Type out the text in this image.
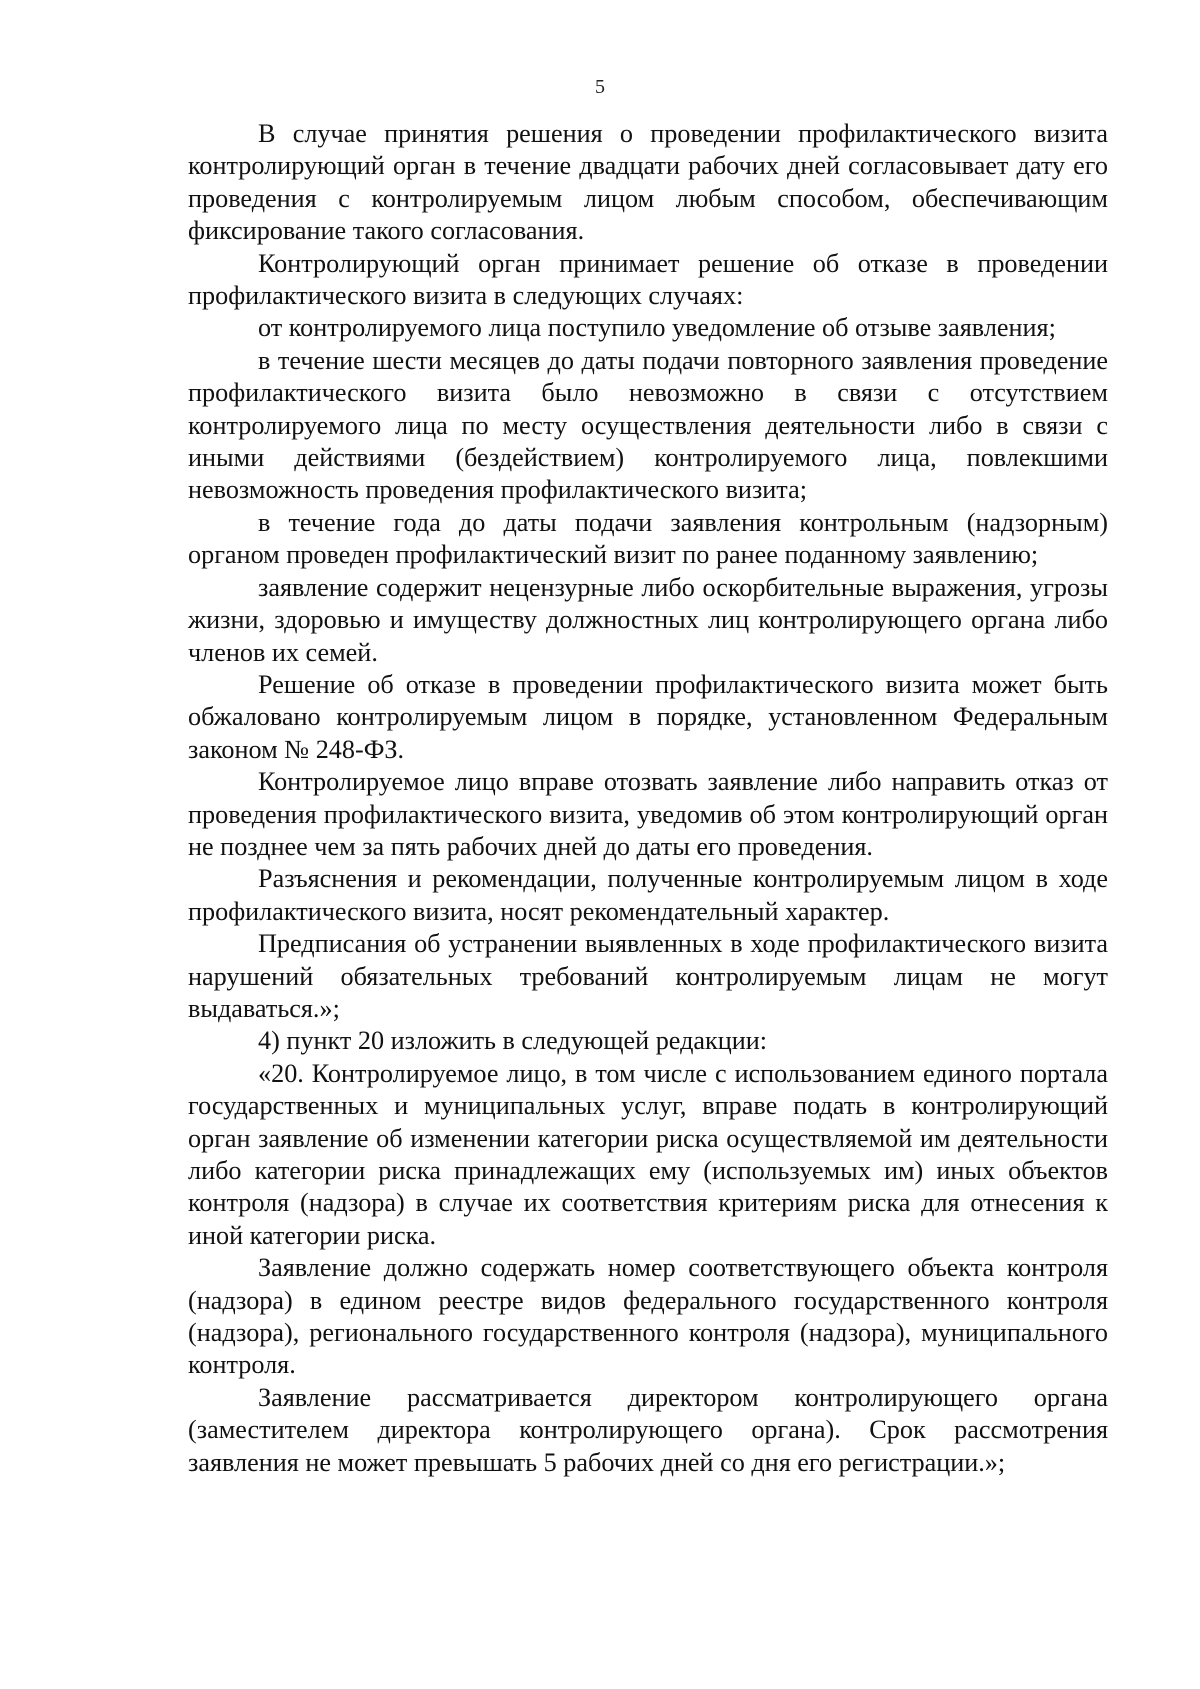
5

В случае принятия решения о проведении профилактического визита контролирующий орган в течение двадцати рабочих дней согласовывает дату его проведения с контролируемым лицом любым способом, обеспечивающим фиксирование такого согласования.

Контролирующий орган принимает решение об отказе в проведении профилактического визита в следующих случаях:

от контролируемого лица поступило уведомление об отзыве заявления;

в течение шести месяцев до даты подачи повторного заявления проведение профилактического визита было невозможно в связи с отсутствием контролируемого лица по месту осуществления деятельности либо в связи с иными действиями (бездействием) контролируемого лица, повлекшими невозможность проведения профилактического визита;

в течение года до даты подачи заявления контрольным (надзорным) органом проведен профилактический визит по ранее поданному заявлению;

заявление содержит нецензурные либо оскорбительные выражения, угрозы жизни, здоровью и имуществу должностных лиц контролирующего органа либо членов их семей.

Решение об отказе в проведении профилактического визита может быть обжаловано контролируемым лицом в порядке, установленном Федеральным законом № 248-ФЗ.

Контролируемое лицо вправе отозвать заявление либо направить отказ от проведения профилактического визита, уведомив об этом контролирующий орган не позднее чем за пять рабочих дней до даты его проведения.

Разъяснения и рекомендации, полученные контролируемым лицом в ходе профилактического визита, носят рекомендательный характер.

Предписания об устранении выявленных в ходе профилактического визита нарушений обязательных требований контролируемым лицам не могут выдаваться.»;

4) пункт 20 изложить в следующей редакции:

«20. Контролируемое лицо, в том числе с использованием единого портала государственных и муниципальных услуг, вправе подать в контролирующий орган заявление об изменении категории риска осуществляемой им деятельности либо категории риска принадлежащих ему (используемых им) иных объектов контроля (надзора) в случае их соответствия критериям риска для отнесения к иной категории риска.

Заявление должно содержать номер соответствующего объекта контроля (надзора) в едином реестре видов федерального государственного контроля (надзора), регионального государственного контроля (надзора), муниципального контроля.

Заявление рассматривается директором контролирующего органа (заместителем директора контролирующего органа). Срок рассмотрения заявления не может превышать 5 рабочих дней со дня его регистрации.»;
